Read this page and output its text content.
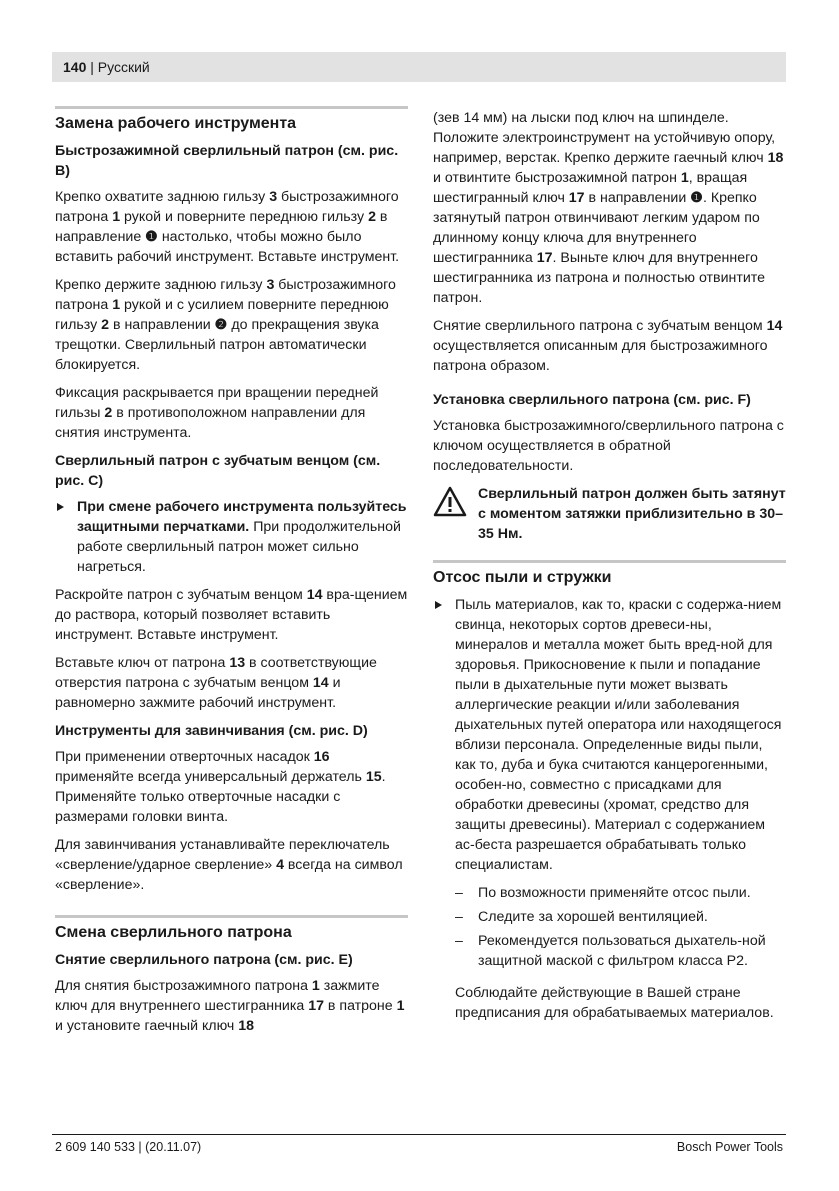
140 | Русский
Замена рабочего инструмента
Быстрозажимной сверлильный патрон (см. рис. B)

Крепко охватите заднюю гильзу 3 быстрозажимного патрона 1 рукой и поверните переднюю гильзу 2 в направление ❶ настолько, чтобы можно было вставить рабочий инструмент. Вставьте инструмент.

Крепко держите заднюю гильзу 3 быстрозажимного патрона 1 рукой и с усилием поверните переднюю гильзу 2 в направлении ❷ до прекращения звука трещотки. Сверлильный патрон автоматически блокируется.

Фиксация раскрывается при вращении передней гильзы 2 в противоположном направлении для снятия инструмента.

Сверлильный патрон с зубчатым венцом (см. рис. C)
При смене рабочего инструмента пользуйтесь защитными перчатками. При продолжительной работе сверлильный патрон может сильно нагреться.

Раскройте патрон с зубчатым венцом 14 вра-щением до раствора, который позволяет вставить инструмент. Вставьте инструмент.

Вставьте ключ от патрона 13 в соответствующие отверстия патрона с зубчатым венцом 14 и равномерно зажмите рабочий инструмент.

Инструменты для завинчивания (см. рис. D)

При применении отверточных насадок 16 применяйте всегда универсальный держатель 15. Применяйте только отверточные насадки с размерами головки винта.

Для завинчивания устанавливайте переключатель «сверление/ударное сверление» 4 всегда на символ «сверление».

Смена сверлильного патрона
Снятие сверлильного патрона (см. рис. E)

Для снятия быстрозажимного патрона 1 зажмите ключ для внутреннего шестигранника 17 в патроне 1 и установите гаечный ключ 18

(зев 14 мм) на лыски под ключ на шпинделе. Положите электроинструмент на устойчивую опору, например, верстак. Крепко держите гаечный ключ 18 и отвинтите быстрозажимной патрон 1, вращая шестигранный ключ 17 в направлении ❶. Крепко затянутый патрон отвинчивают легким ударом по длинному концу ключа для внутреннего шестигранника 17. Выньте ключ для внутреннего шестигранника из патрона и полностью отвинтите патрон.

Снятие сверлильного патрона с зубчатым венцом 14 осуществляется описанным для быстрозажимного патрона образом.

Установка сверлильного патрона (см. рис. F)

Установка быстрозажимного/сверлильного патрона с ключом осуществляется в обратной последовательности.

Сверлильный патрон должен быть затянут с моментом затяжки приблизительно в 30–35 Нм.
Отсос пыли и стружки
Пыль материалов, как то, краски с содержа-нием свинца, некоторых сортов древеси-ны, минералов и металла может быть вред-ной для здоровья. Прикосновение к пыли и попадание пыли в дыхательные пути может вызвать аллергические реакции и/или заболевания дыхательных путей оператора или находящегося вблизи персонала. Определенные виды пыли, как то, дуба и бука считаются канцерогенными, особен-но, совместно с присадками для обработки древесины (хромат, средство для защиты древесины). Материал с содержанием ас-беста разрешается обрабатывать только специалистам.
– По возможности применяйте отсос пыли.
– Следите за хорошей вентиляцией.
– Рекомендуется пользоваться дыхатель-ной защитной маской с фильтром класса P2.

Соблюдайте действующие в Вашей стране предписания для обрабатываемых материалов.

2 609 140 533 | (20.11.07)	Bosch Power Tools
